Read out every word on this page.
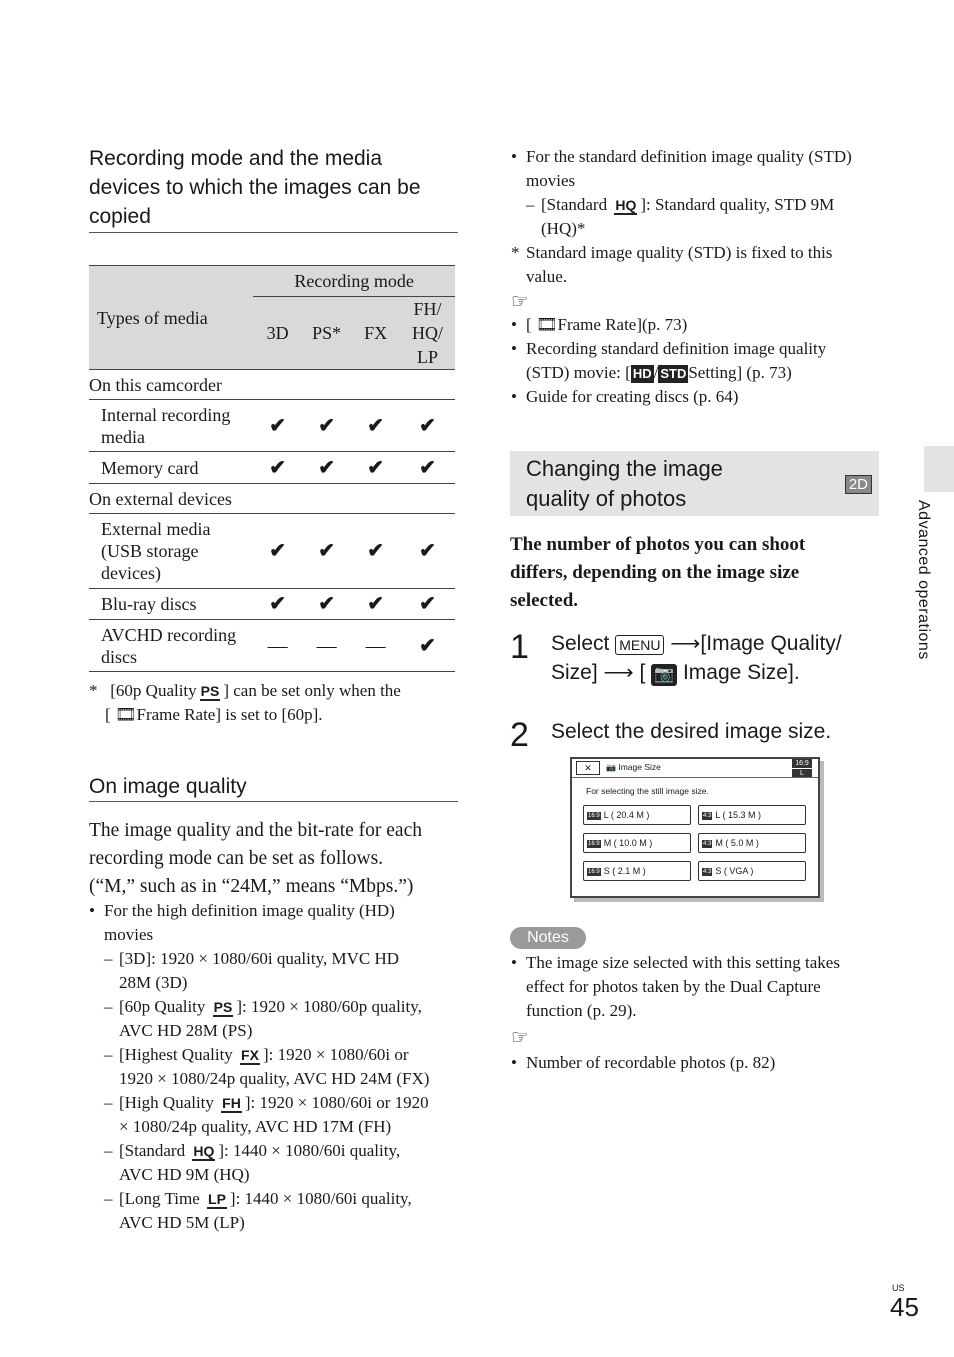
Recording mode and the media
devices to which the images can be
copied
Types of media	Recording mode			
	3D	PS*	FX	FH/
HQ/
LP

On this camcorder				

Internal recording
media	✔	✔	✔	✔
Memory card	✔	✔	✔	✔
On external devices				

External media
(USB storage
devices)	✔	✔	✔	✔
Blu-ray discs	✔	✔	✔	✔

AVCHD recording
discs	—	—	—	✔
* [60p Quality PS ] can be set only when the
[ 🎞Frame Rate] is set to [60p].
On image quality
The image quality and the bit-rate for each
recording mode can be set as follows.
(“M,” such as in “24M,” means “Mbps.”)
• For the high definition image quality (HD)
movies
– [3D]: 1920 × 1080/60i quality, MVC HD
28M (3D)
– [60p Quality PS ]: 1920 × 1080/60p quality,
AVC HD 28M (PS)
– [Highest Quality FX ]: 1920 × 1080/60i or
1920 × 1080/24p quality, AVC HD 24M (FX)
– [High Quality FH ]: 1920 × 1080/60i or 1920
× 1080/24p quality, AVC HD 17M (FH)
– [Standard HQ ]: 1440 × 1080/60i quality,
AVC HD 9M (HQ)
– [Long Time LP ]: 1440 × 1080/60i quality,
AVC HD 5M (LP)
• For the standard definition image quality (STD)
movies
– [Standard HQ ]: Standard quality, STD 9M
(HQ)*
* Standard image quality (STD) is fixed to this
value.
☞
• [ 🎞Frame Rate](p. 73)
• Recording standard definition image quality
(STD) movie: [ HD / STD Setting] (p. 73)
• Guide for creating discs (p. 64)
Changing the image
quality of photos
2D
The number of photos you can shoot
differs, depending on the image size
selected.
1 Select MENU ⟶[Image Quality/
Size] ⟶ [ 📷 Image Size].
2 Select the desired image size.
✕	📷 Image Size	16:9
L
For selecting the still image size.
16:9 L ( 20.4 M )	4:3 L ( 15.3 M )
16:9 M ( 10.0 M )	4:3 M ( 5.0 M )
16:9 S ( 2.1 M )	4:3 S ( VGA )
Notes
• The image size selected with this setting takes
effect for photos taken by the Dual Capture
function (p. 29).
☞
• Number of recordable photos (p. 82)
Advanced operations
US
45
